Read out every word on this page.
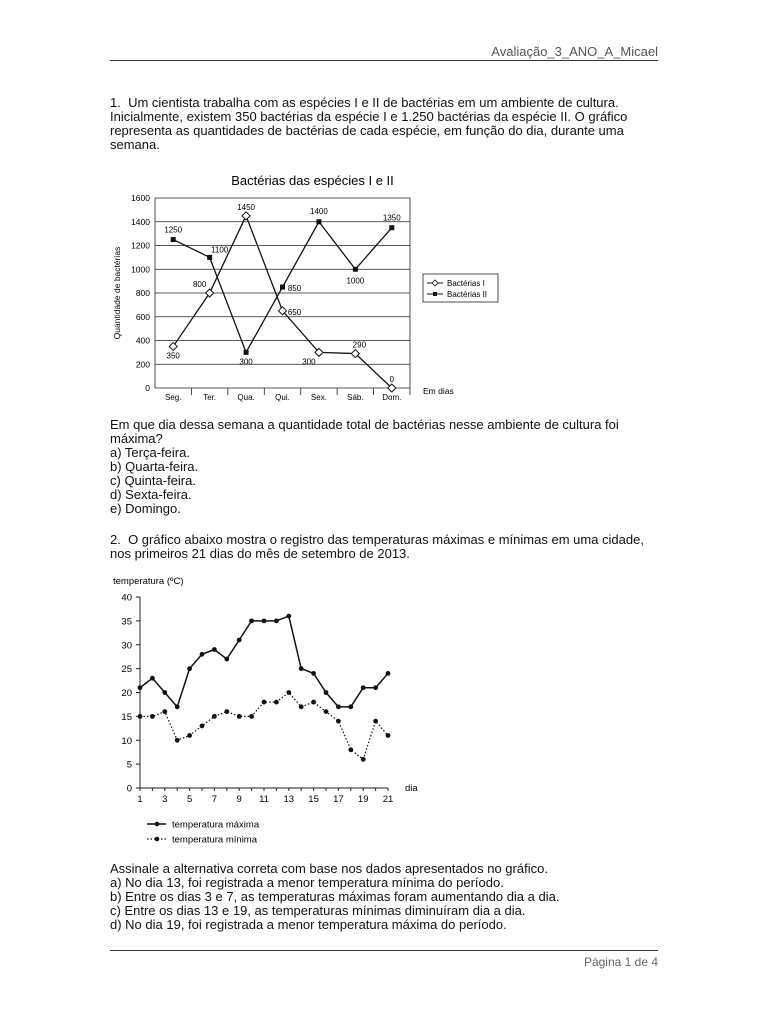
Avaliação_3_ANO_A_Micael

1. Um cientista trabalha com as espécies I e II de bactérias em um ambiente de cultura.

Inicialmente, existem 350 bactérias da espécie I e 1.250 bactérias da espécie II. O gráfico

representa as quantidades de bactérias de cada espécie, em função do dia, durante uma

semana.

Bactérias das espécies I e II
0
200
400
600
800
1000
1200
1400
1600
Seg.	Ter.	Qua.	Qui.	Sex.	Sáb. Dom.
Em dias
Quantidade de bactérias
350
800
1450
650
300
290
0
1250
1100
300
850
1400
1000
1350
Bactérias I
Bactérias II

Em que dia dessa semana a quantidade total de bactérias nesse ambiente de cultura foi

máxima?

a) Terça-feira.

b) Quarta-feira.

c) Quinta-feira.

d) Sexta-feira.

e) Domingo.

2. O gráfico abaixo mostra o registro das temperaturas máximas e mínimas em uma cidade,

nos primeiros 21 dias do mês de setembro de 2013.

temperatura (ºC)
0
5
10
15
20
25
30
35
40
1 3 5 7 9 11 13 15 17 19 21
dia
temperatura máxima
temperatura mínima

Assinale a alternativa correta com base nos dados apresentados no gráfico.

a) No dia 13, foi registrada a menor temperatura mínima do período.

b) Entre os dias 3 e 7, as temperaturas máximas foram aumentando dia a dia.

c) Entre os dias 13 e 19, as temperaturas mínimas diminuíram dia a dia.

d) No dia 19, foi registrada a menor temperatura máxima do período.

Página 1 de 4
